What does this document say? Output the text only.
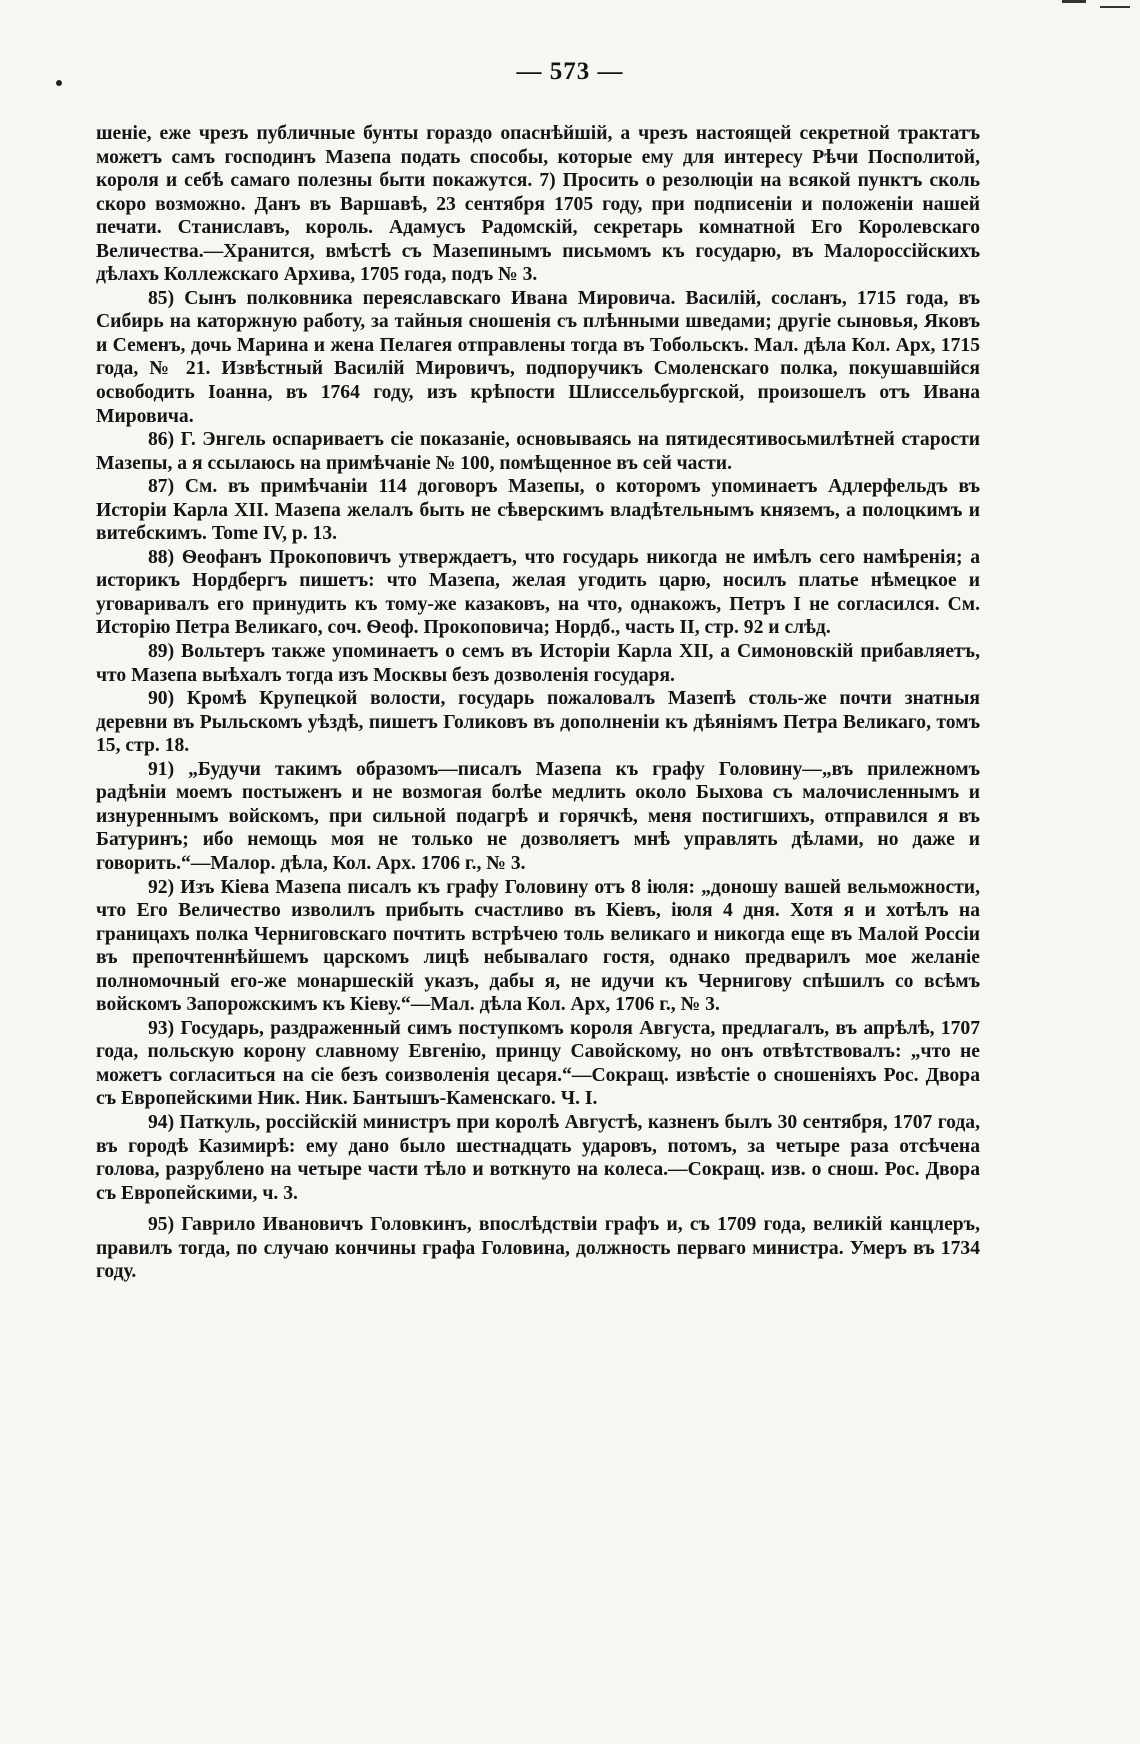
— 573 —

шеніе, еже чрезъ публичные бунты гораздо опаснѣйшій, а чрезъ настоящей секретной трактатъ можетъ самъ господинъ Мазепа подать способы, которые ему для интересу Рѣчи Посполитой, короля и себѣ самаго полезны быти покажутся. 7) Просить о резолюціи на всякой пунктъ сколь скоро возможно. Данъ въ Варшавѣ, 23 сентября 1705 году, при подписеніи и положеніи нашей печати. Станиславъ, король. Адамусъ Радомскій, секретарь комнатной Его Королевскаго Величества.—Хранится, вмѣстѣ съ Мазепинымъ письмомъ къ государю, въ Малороссійскихъ дѣлахъ Коллежскаго Архива, 1705 года, подъ № 3.

85) Сынъ полковника переяславскаго Ивана Мировича. Василій, сосланъ, 1715 года, въ Сибирь на каторжную работу, за тайныя сношенія съ плѣнными шведами; другіе сыновья, Яковъ и Семенъ, дочь Марина и жена Пелагея отправлены тогда въ Тобольскъ. Мал. дѣла Кол. Арх, 1715 года, № 21. Извѣстный Василій Мировичъ, подпоручикъ Смоленскаго полка, покушавшійся освободить Іоанна, въ 1764 году, изъ крѣпости Шлиссельбургской, произошелъ отъ Ивана Мировича.

86) Г. Энгель оспариваетъ сіе показаніе, основываясь на пятидесятивосьмилѣтней старости Мазепы, а я ссылаюсь на примѣчаніе № 100, помѣщенное въ сей части.

87) См. въ примѣчаніи 114 договоръ Мазепы, о которомъ упоминаетъ Адлерфельдъ въ Исторіи Карла XII. Мазепа желалъ быть не сѣверскимъ владѣтельнымъ княземъ, а полоцкимъ и витебскимъ. Tome IV, p. 13.

88) Ѳеофанъ Прокоповичъ утверждаетъ, что государь никогда не имѣлъ сего намѣренія; а историкъ Нордбергъ пишетъ: что Мазепа, желая угодить царю, носилъ платье нѣмецкое и уговаривалъ его принудить къ тому-же казаковъ, на что, однакожъ, Петръ I не согласился. См. Исторію Петра Великаго, соч. Ѳеоф. Прокоповича; Нордб., часть II, стр. 92 и слѣд.

89) Вольтеръ также упоминаетъ о семъ въ Исторіи Карла XII, а Симоновскій прибавляетъ, что Мазепа выѣхалъ тогда изъ Москвы безъ дозволенія государя.

90) Кромѣ Крупецкой волости, государь пожаловалъ Мазепѣ столь-же почти знатныя деревни въ Рыльскомъ уѣздѣ, пишетъ Голиковъ въ дополненіи къ дѣяніямъ Петра Великаго, томъ 15, стр. 18.

91) „Будучи такимъ образомъ—писалъ Мазепа къ графу Головину—„въ прилежномъ радѣніи моемъ постыженъ и не возмогая болѣе медлить около Быхова съ малочисленнымъ и изнуреннымъ войскомъ, при сильной подагрѣ и горячкѣ, меня постигшихъ, отправился я въ Батуринъ; ибо немощь моя не только не дозволяетъ мнѣ управлять дѣлами, но даже и говорить.“—Малор. дѣла, Кол. Арх. 1706 г., № 3.

92) Изъ Кіева Мазепа писалъ къ графу Головину отъ 8 іюля: „доношу вашей вельможности, что Его Величество изволилъ прибыть счастливо въ Кіевъ, іюля 4 дня. Хотя я и хотѣлъ на границахъ полка Черниговскаго почтить встрѣчею толь великаго и никогда еще въ Малой Россіи въ препочтеннѣйшемъ царскомъ лицѣ небывалаго гостя, однако предварилъ мое желаніе полномочный его-же монаршескій указъ, дабы я, не идучи къ Чернигову спѣшилъ со всѣмъ войскомъ Запорожскимъ къ Кіеву.“—Мал. дѣла Кол. Арх, 1706 г., № 3.

93) Государь, раздраженный симъ поступкомъ короля Августа, предлагалъ, въ апрѣлѣ, 1707 года, польскую корону славному Евгенію, принцу Савойскому, но онъ отвѣтствовалъ: „что не можетъ согласиться на сіе безъ соизволенія цесаря.“—Сокращ. извѣстіе о сношеніяхъ Рос. Двора съ Европейскими Ник. Ник. Бантышъ-Каменскаго. Ч. I.

94) Паткуль, россійскій министръ при королѣ Августѣ, казненъ былъ 30 сентября, 1707 года, въ городѣ Казимирѣ: ему дано было шестнадцать ударовъ, потомъ, за четыре раза отсѣчена голова, разрублено на четыре части тѣло и воткнуто на колеса.—Сокращ. изв. о снош. Рос. Двора съ Европейскими, ч. 3.

95) Гаврило Ивановичъ Головкинъ, впослѣдствіи графъ и, съ 1709 года, великій канцлеръ, правилъ тогда, по случаю кончины графа Головина, должность перваго министра. Умеръ въ 1734 году.
